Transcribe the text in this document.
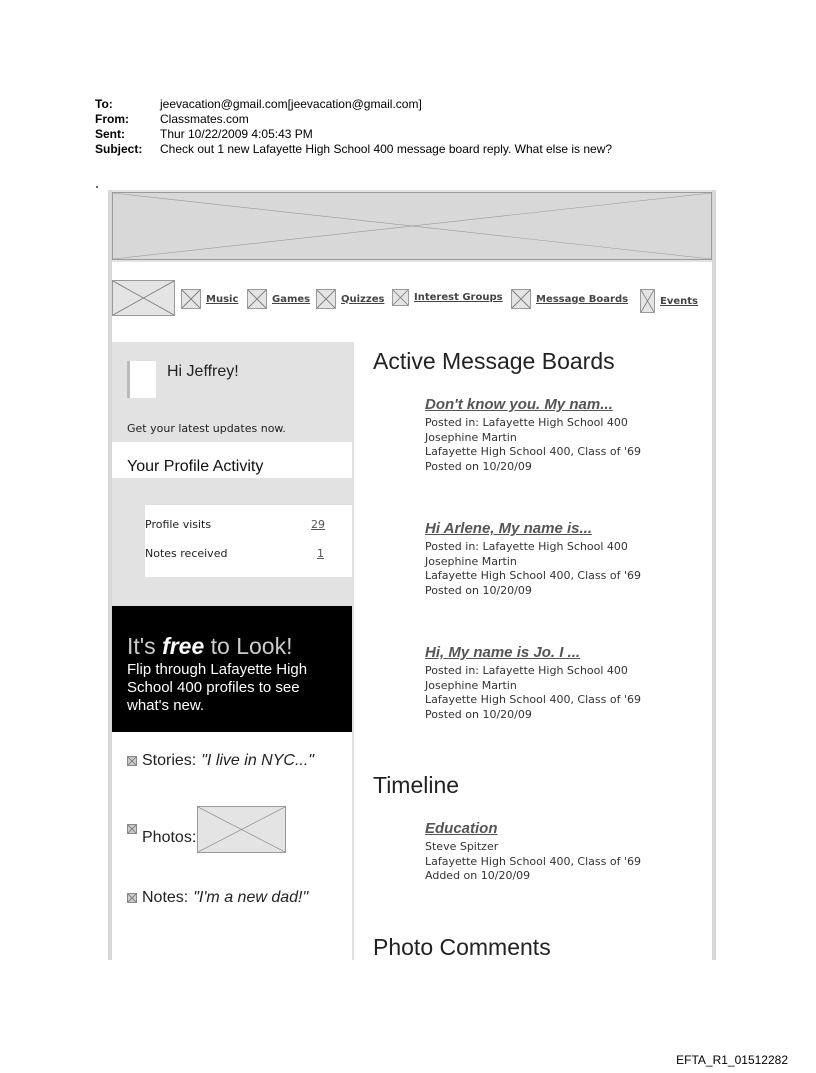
To:	jeevacation@gmail.com[jeevacation@gmail.com]
From:	Classmates.com
Sent:	Thur 10/22/2009 4:05:43 PM
Subject:	Check out 1 new Lafayette High School 400 message board reply. What else is new?
Music	Games	Quizzes	Interest Groups	Message Boards	Events
Active Message Boards
Don't know you. My nam...
Posted in: Lafayette High School 400
Josephine Martin
Lafayette High School 400, Class of '69
Posted on 10/20/09
Hi Arlene, My name is...
Posted in: Lafayette High School 400
Josephine Martin
Lafayette High School 400, Class of '69
Posted on 10/20/09
Hi, My name is Jo. I ...
Posted in: Lafayette High School 400
Josephine Martin
Lafayette High School 400, Class of '69
Posted on 10/20/09
Timeline
Education
Steve Spitzer
Lafayette High School 400, Class of '69
Added on 10/20/09
Photo Comments
Hi Jeffrey!
Get your latest updates now.
Your Profile Activity
Profile visits	29
Notes received	1
It's free to Look!
Flip through Lafayette High School 400 profiles to see what's new.
Stories: "I live in NYC..."
Photos:
Notes: "I'm a new dad!"
EFTA_R1_01512282
